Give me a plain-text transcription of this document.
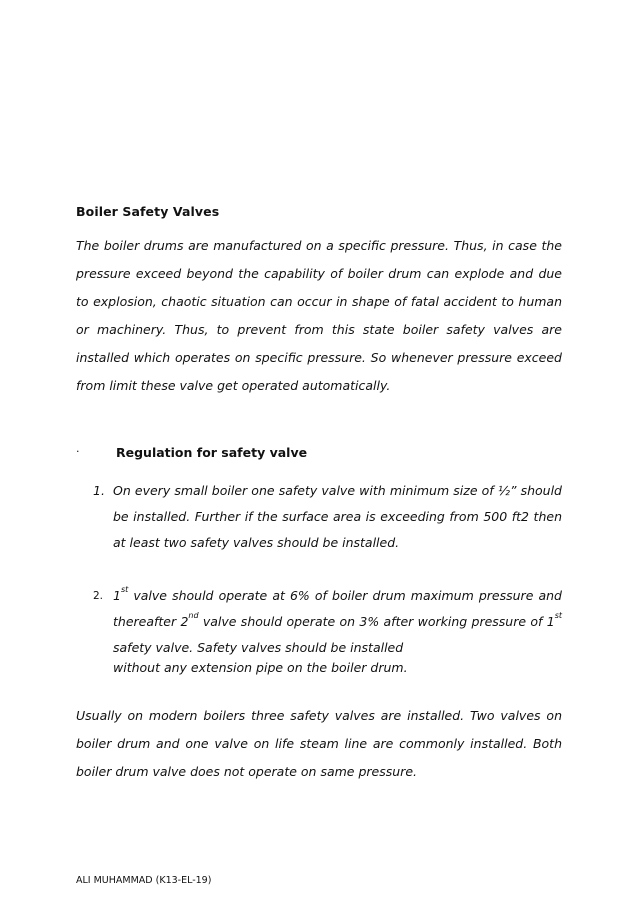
Boiler Safety Valves

The boiler drums are manufactured on a specific pressure. Thus, in case the pressure exceed beyond the capability of boiler drum can explode and due to explosion, chaotic situation can occur in shape of fatal accident to human or machinery. Thus, to prevent from this state boiler safety valves are installed which operates on specific pressure. So whenever pressure exceed from limit these valve get operated automatically.

·	Regulation for safety valve
1. On every small boiler one safety valve with minimum size of ½” should be installed. Further if the surface area is exceeding from 500 ft2 then at least two safety valves should be installed.

2. 1st valve should operate at 6% of boiler drum maximum pressure and thereafter 2nd valve should operate on 3% after working pressure of 1st safety valve. Safety valves should be installed
without any extension pipe on the boiler drum.

Usually on modern boilers three safety valves are installed. Two valves on boiler drum and one valve on life steam line are commonly installed. Both boiler drum valve does not operate on same pressure.

ALI MUHAMMAD (K13-EL-19)
